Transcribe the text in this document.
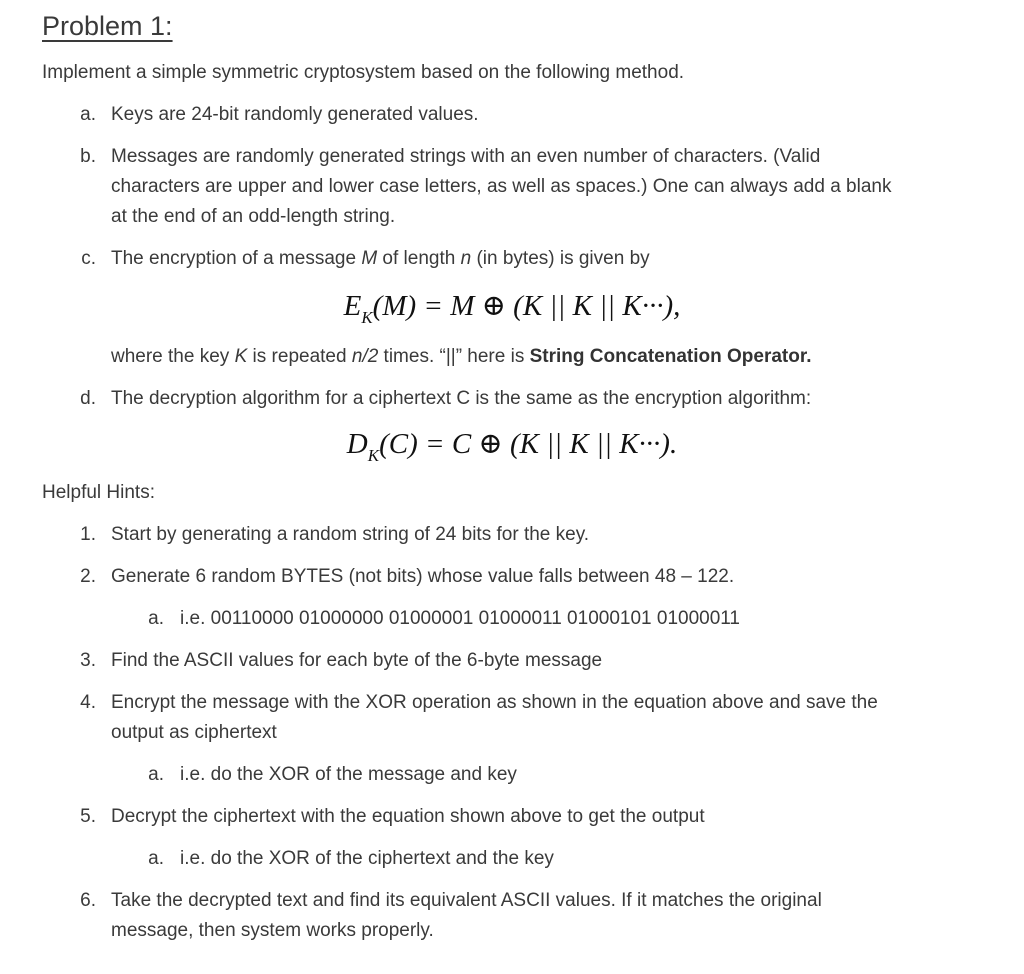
Problem 1:
Implement a simple symmetric cryptosystem based on the following method.
a. Keys are 24-bit randomly generated values.
b. Messages are randomly generated strings with an even number of characters. (Valid
characters are upper and lower case letters, as well as spaces.) One can always add a blank
at the end of an odd-length string.
c. The encryption of a message M of length n (in bytes) is given by
$E_K(M) = M$ ⊕ (K || K || K···),
where the key K is repeated n/2 times. “||” here is String Concatenation Operator.
d. The decryption algorithm for a ciphertext C is the same as the encryption algorithm:
$D_K(C) = C$ ⊕ (K || K || K···).
Helpful Hints:
1. Start by generating a random string of 24 bits for the key.
2. Generate 6 random BYTES (not bits) whose value falls between 48 – 122.
a. i.e. 00110000 01000000 01000001 01000011 01000101 01000011
3. Find the ASCII values for each byte of the 6-byte message
4. Encrypt the message with the XOR operation as shown in the equation above and save the
output as ciphertext
a. i.e. do the XOR of the message and key
5. Decrypt the ciphertext with the equation shown above to get the output
a. i.e. do the XOR of the ciphertext and the key
6. Take the decrypted text and find its equivalent ASCII values. If it matches the original
message, then system works properly.
